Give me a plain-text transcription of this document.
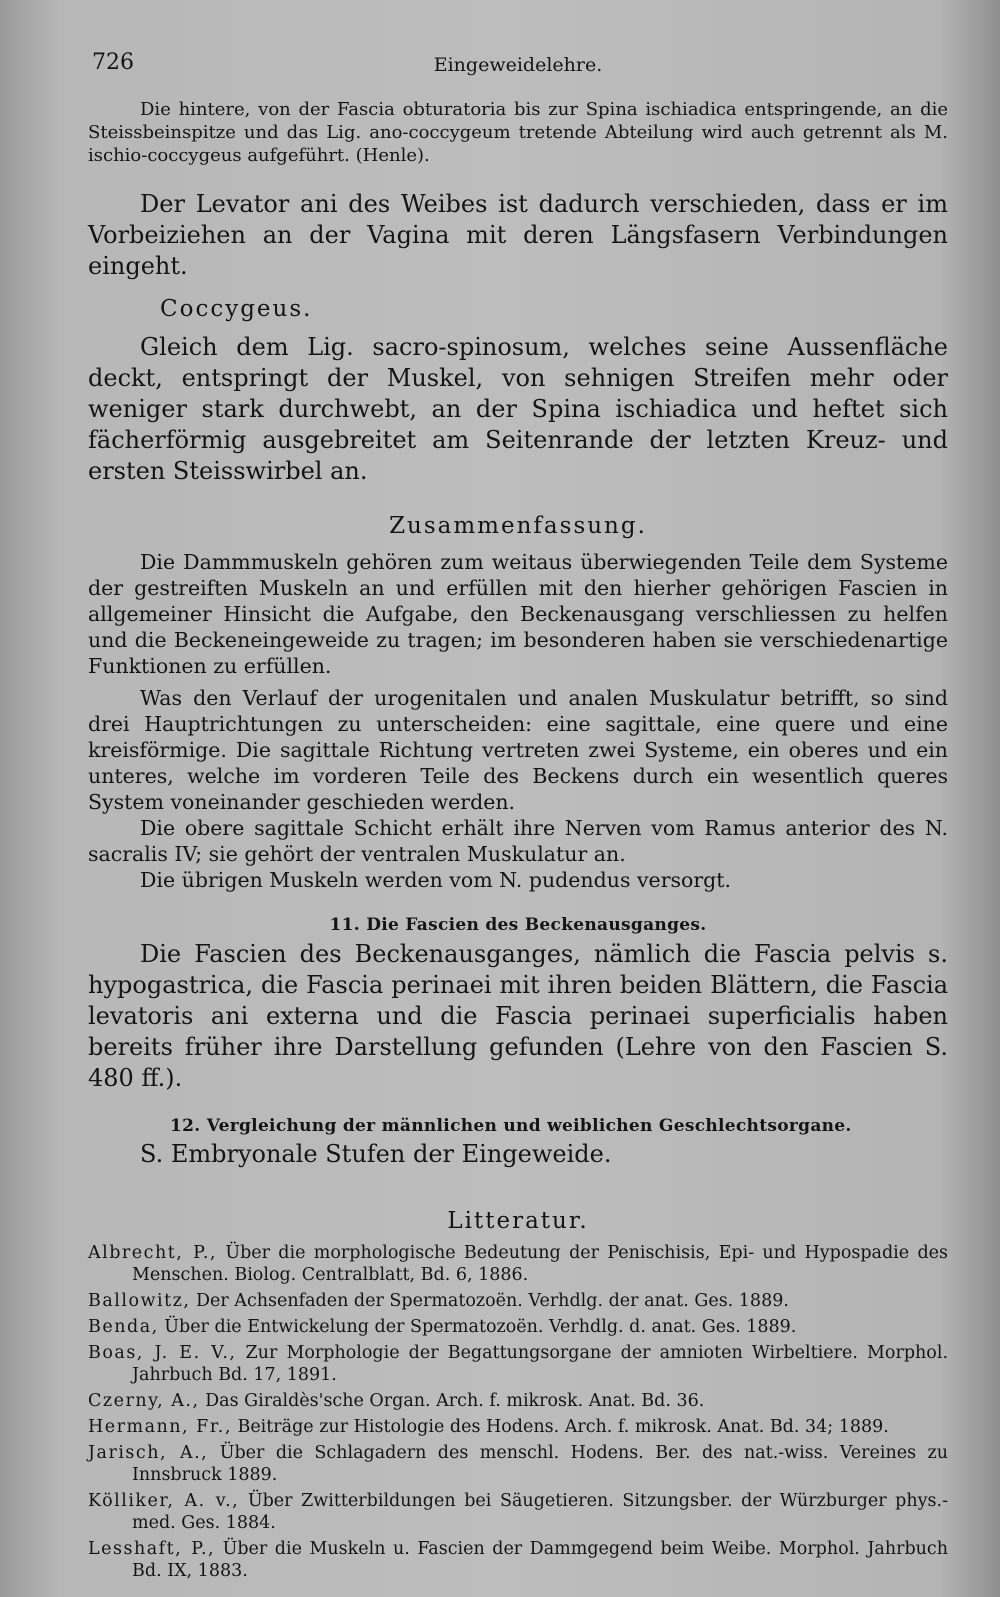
726	Eingeweidelehre.

Die hintere, von der Fascia obturatoria bis zur Spina ischiadica entspringende, an die Steissbeinspitze und das Lig. ano-coccygeum tretende Abteilung wird auch getrennt als M. ischio-coccygeus aufgeführt. (Henle).

Der Levator ani des Weibes ist dadurch verschieden, dass er im Vorbeiziehen an der Vagina mit deren Längsfasern Verbindungen eingeht.

Coccygeus.

Gleich dem Lig. sacro-spinosum, welches seine Aussenfläche deckt, entspringt der Muskel, von sehnigen Streifen mehr oder weniger stark durchwebt, an der Spina ischiadica und heftet sich fächerförmig ausgebreitet am Seitenrande der letzten Kreuz- und ersten Steisswirbel an.

Zusammenfassung.

Die Dammmuskeln gehören zum weitaus überwiegenden Teile dem Systeme der gestreiften Muskeln an und erfüllen mit den hierher gehörigen Fascien in allgemeiner Hinsicht die Aufgabe, den Beckenausgang verschliessen zu helfen und die Beckeneingeweide zu tragen; im besonderen haben sie verschiedenartige Funktionen zu erfüllen.

Was den Verlauf der urogenitalen und analen Muskulatur betrifft, so sind drei Hauptrichtungen zu unterscheiden: eine sagittale, eine quere und eine kreisförmige. Die sagittale Richtung vertreten zwei Systeme, ein oberes und ein unteres, welche im vorderen Teile des Beckens durch ein wesentlich queres System voneinander geschieden werden.

Die obere sagittale Schicht erhält ihre Nerven vom Ramus anterior des N. sacralis IV; sie gehört der ventralen Muskulatur an.

Die übrigen Muskeln werden vom N. pudendus versorgt.

11. Die Fascien des Beckenausganges.

Die Fascien des Beckenausganges, nämlich die Fascia pelvis s. hypogastrica, die Fascia perinaei mit ihren beiden Blättern, die Fascia levatoris ani externa und die Fascia perinaei superficialis haben bereits früher ihre Darstellung gefunden (Lehre von den Fascien S. 480 ff.).

12. Vergleichung der männlichen und weiblichen Geschlechtsorgane.

S. Embryonale Stufen der Eingeweide.

Litteratur.
Albrecht, P., Über die morphologische Bedeutung der Penischisis, Epi- und Hypospadie des Menschen. Biolog. Centralblatt, Bd. 6, 1886.
Ballowitz, Der Achsenfaden der Spermatozoën. Verhdlg. der anat. Ges. 1889.
Benda, Über die Entwickelung der Spermatozoën. Verhdlg. d. anat. Ges. 1889.
Boas, J. E. V., Zur Morphologie der Begattungsorgane der amnioten Wirbeltiere. Morphol. Jahrbuch Bd. 17, 1891.
Czerny, A., Das Giraldès'sche Organ. Arch. f. mikrosk. Anat. Bd. 36.
Hermann, Fr., Beiträge zur Histologie des Hodens. Arch. f. mikrosk. Anat. Bd. 34; 1889.
Jarisch, A., Über die Schlagadern des menschl. Hodens. Ber. des nat.-wiss. Vereines zu Innsbruck 1889.
Kölliker, A. v., Über Zwitterbildungen bei Säugetieren. Sitzungsber. der Würzburger phys.-med. Ges. 1884.
Lesshaft, P., Über die Muskeln u. Fascien der Dammgegend beim Weibe. Morphol. Jahrbuch Bd. IX, 1883.
